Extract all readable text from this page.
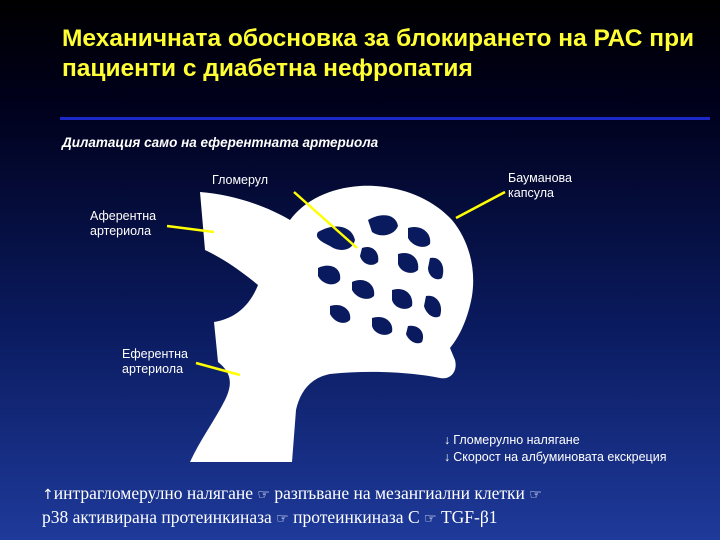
Механичната обосновка за блокирането на РАС при пациенти с диабетна нефропатия
Дилатация само на еферентната артериола
Гломерул	Бауманова
капсула
Аферентна
артериола
Еферентна
артериола
↓ Гломерулно налягане
↓ Скорост на албуминовата екскреция
↑интрагломерулно налягане ☞ разпъване на мезангиални клетки ☞
р38 активирана протеинкиназа ☞ протеинкиназа С ☞ TGF-β1
